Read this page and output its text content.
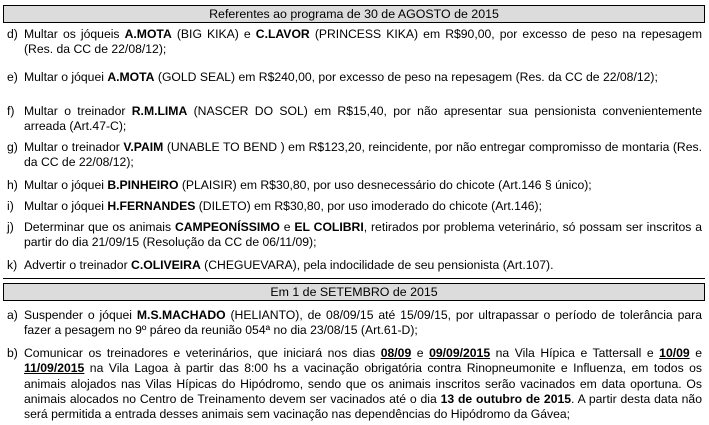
Referentes ao programa de 30 de AGOSTO de 2015
d) Multar os jóqueis A.MOTA (BIG KIKA) e C.LAVOR (PRINCESS KIKA) em R$90,00, por excesso de peso na repesagem (Res. da CC de 22/08/12);
e) Multar o jóquei A.MOTA (GOLD SEAL) em R$240,00, por excesso de peso na repesagem (Res. da CC de 22/08/12);
f) Multar o treinador R.M.LIMA (NASCER DO SOL) em R$15,40, por não apresentar sua pensionista convenientemente arreada (Art.47-C);
g) Multar o treinador V.PAIM (UNABLE TO BEND ) em R$123,20, reincidente, por não entregar compromisso de montaria (Res. da CC de 22/08/12);
h) Multar o jóquei B.PINHEIRO (PLAISIR) em R$30,80, por uso desnecessário do chicote (Art.146 § único);
i) Multar o jóquei H.FERNANDES (DILETO) em R$30,80, por uso imoderado do chicote (Art.146);
j) Determinar que os animais CAMPEONÍSSIMO e EL COLIBRI, retirados por problema veterinário, só possam ser inscritos a partir do dia 21/09/15 (Resolução da CC de 06/11/09);
k) Advertir o treinador C.OLIVEIRA (CHEGUEVARA), pela indocilidade de seu pensionista (Art.107).
Em 1 de SETEMBRO de 2015
a) Suspender o jóquei M.S.MACHADO (HELIANTO), de 08/09/15 até 15/09/15, por ultrapassar o período de tolerância para fazer a pesagem no 9º páreo da reunião 054ª no dia 23/08/15 (Art.61-D);
b) Comunicar os treinadores e veterinários, que iniciará nos dias 08/09 e 09/09/2015 na Vila Hípica e Tattersall e 10/09 e 11/09/2015 na Vila Lagoa à partir das 8:00 hs a vacinação obrigatória contra Rinopneumonite e Influenza, em todos os animais alojados nas Vilas Hípicas do Hipódromo, sendo que os animais inscritos serão vacinados em data oportuna. Os animais alocados no Centro de Treinamento devem ser vacinados até o dia 13 de outubro de 2015. A partir desta data não será permitida a entrada desses animais sem vacinação nas dependências do Hipódromo da Gávea;
